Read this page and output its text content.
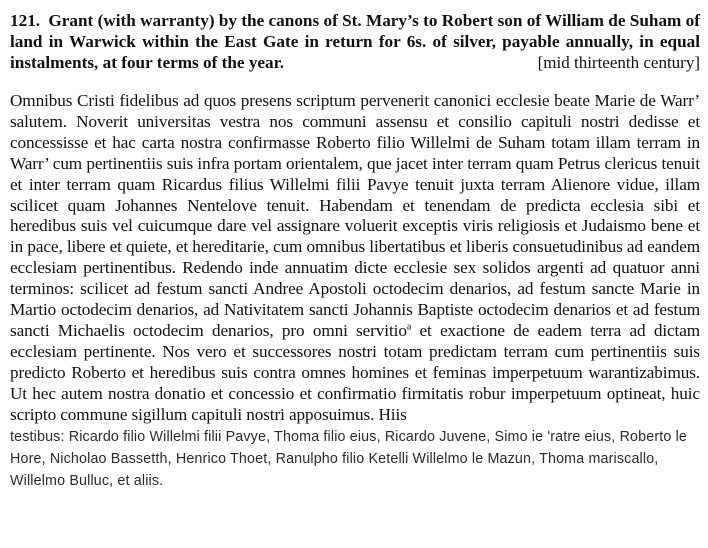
121. Grant (with warranty) by the canons of St. Mary’s to Robert son of William de Suham of land in Warwick within the East Gate in return for 6s. of silver, payable annually, in equal instalments, at four terms of the year.	[mid thirteenth century]

Omnibus Cristi fidelibus ad quos presens scriptum pervenerit canonici ecclesie beate Marie de Warr’ salutem. Noverit universitas vestra nos communi assensu et consilio capituli nostri dedisse et concessisse et hac carta nostra confirmasse Roberto filio Willelmi de Suham totam illam terram in Warr’ cum pertinentiis suis infra portam orientalem, que jacet inter terram quam Petrus clericus tenuit et inter terram quam Ricardus filius Willelmi filii Pavye tenuit juxta terram Alienore vidue, illam scilicet quam Johannes Nentelove tenuit. Habendam et tenendam de predicta ecclesia sibi et heredibus suis vel cuicumque dare vel assignare voluerit exceptis viris religiosis et Judaismo bene et in pace, libere et quiete, et hereditarie, cum omnibus libertatibus et liberis consuetudinibus ad eandem ecclesiam pertinentibus. Redendo inde annuatim dicte ecclesie sex solidos argenti ad quatuor anni terminos: scilicet ad festum sancti Andree Apostoli octodecim denarios, ad festum sancte Marie in Martio octodecim denarios, ad Nativitatem sancti Johannis Baptiste octodecim denarios et ad festum sancti Michaelis octodecim denarios, pro omni servitio$^a$ et exactione de eadem terra ad dictam ecclesiam pertinente. Nos vero et successores nostri totam predictam terram cum pertinentiis suis predicto Roberto et heredibus suis contra omnes homines et feminas imperpetuum warantizabimus. Ut hec autem nostra donatio et concessio et confirmatio firmitatis robur imperpetuum optineat, huic scripto commune sigillum capituli nostri apposuimus. Hiis
testibus: Ricardo filio Willelmi filii Pavye, Thoma filio eius, Ricardo Juvene, Simo ie 'ratre eius, Roberto le Hore, Nicholao Bassetth, Henrico Thoet, Ranulpho filio Ketelli Willelmo le Mazun, Thoma mariscallo, Willelmo Bulluc, et aliis.
